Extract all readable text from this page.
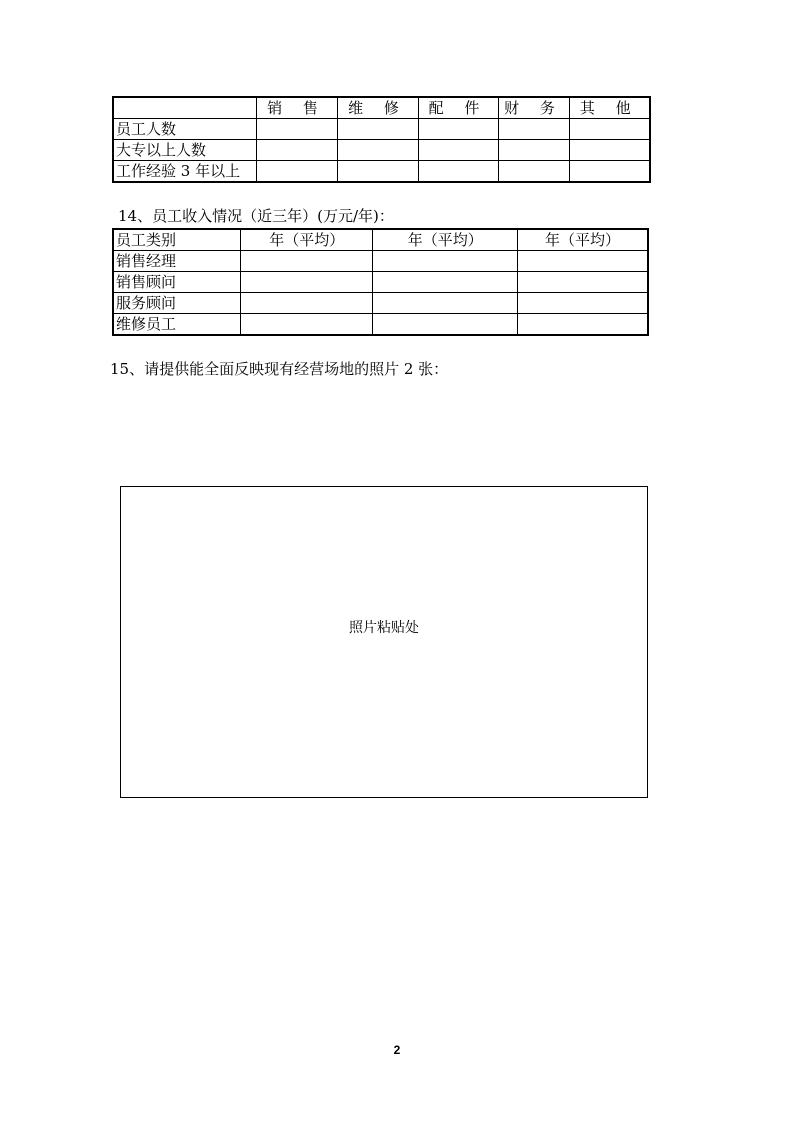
	销 售	维 修	配 件	财 务	其 他
员工人数					
大专以上人数					
工作经验 3 年以上					
14、员工收入情况（近三年）(万元/年)：
员工类别	年（平均）	年（平均）	年（平均）
销售经理			
销售顾问			
服务顾问			
维修员工			
15、请提供能全面反映现有经营场地的照片 2 张：
照片粘贴处
2
